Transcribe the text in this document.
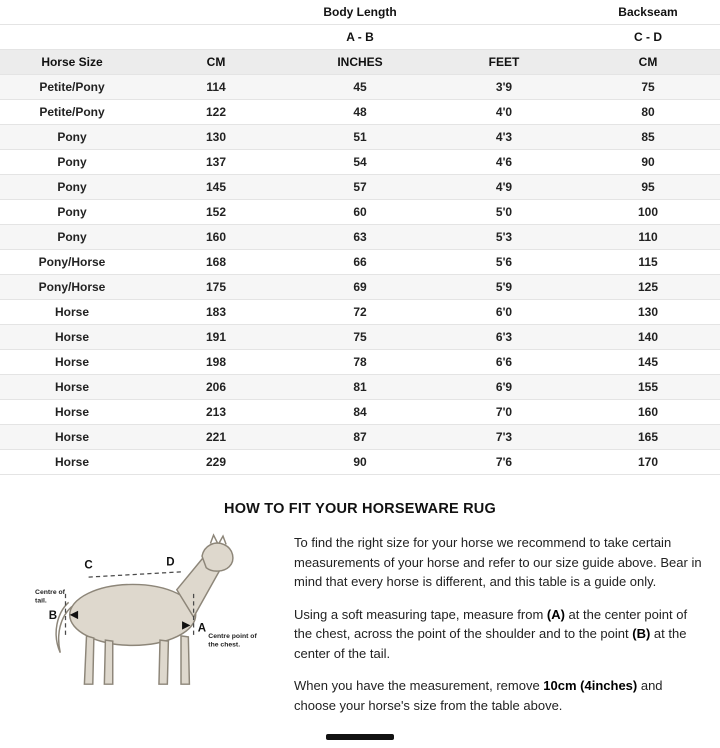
	Body Length			Backseam
	A - B			C - D
Horse Size	CM	INCHES	FEET	CM
Petite/Pony	114	45	3'9	75
Petite/Pony	122	48	4'0	80
Pony	130	51	4'3	85
Pony	137	54	4'6	90
Pony	145	57	4'9	95
Pony	152	60	5'0	100
Pony	160	63	5'3	110
Pony/Horse	168	66	5'6	115
Pony/Horse	175	69	5'9	125
Horse	183	72	6'0	130
Horse	191	75	6'3	140
Horse	198	78	6'6	145
Horse	206	81	6'9	155
Horse	213	84	7'0	160
Horse	221	87	7'3	165
Horse	229	90	7'6	170
HOW TO FIT YOUR HORSEWARE RUG
C	D
B
A
Centre of
tail.
Centre point of
the chest.

To find the right size for your horse we recommend to take certain measurements of your horse and refer to our size guide above. Bear in mind that every horse is different, and this table is a guide only.

Using a soft measuring tape, measure from (A) at the center point of the chest, across the point of the shoulder and to the point (B) at the center of the tail.

When you have the measurement, remove 10cm (4inches) and choose your horse's size from the table above.
